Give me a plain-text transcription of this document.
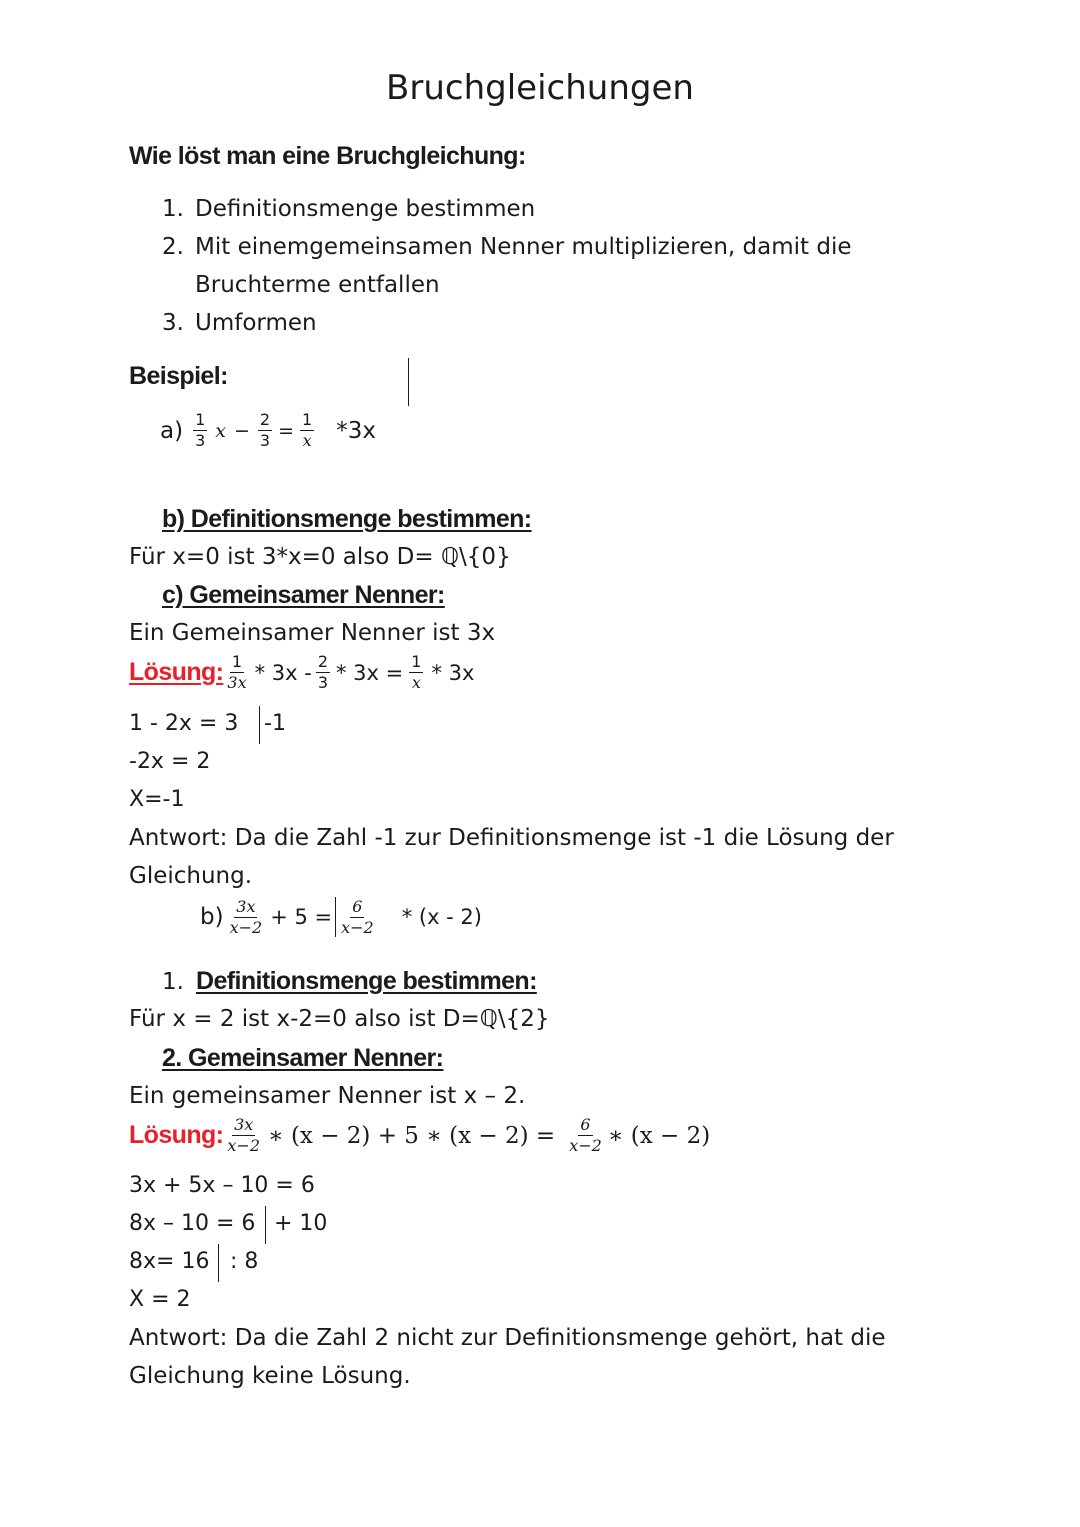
Bruchgleichungen
Wie löst man eine Bruchgleichung:
1. Definitionsmenge bestimmen
2. Mit einemgemeinsamen Nenner multiplizieren, damit die
Bruchterme entfallen
3. Umformen
Beispiel:
$a) \frac{1}{3}$ $x - \frac{2}{3} = \frac{1}{x} *3x$
b) Definitionsmenge bestimmen:
Für x=0 ist 3*x=0 also D= ℚ\{0}
c) Gemeinsamer Nenner:
Ein Gemeinsamer Nenner ist 3x
Lösung: $\frac{1}{3x} * 3x - \frac{2}{3} * 3x = \frac{1}{x} * 3x$
1 - 2x = 3 -1
-2x = 2
X=-1
Antwort: Da die Zahl -1 zur Definitionsmenge ist -1 die Lösung der
Gleichung.
$b) \frac{3x}{x-2} + 5 = \frac{6}{x-2} * (x - 2)$
1. Definitionsmenge bestimmen:
Für x = 2 ist x-2=0 also ist D=ℚ\{2}
2. Gemeinsamer Nenner:
Ein gemeinsamer Nenner ist x – 2.
Lösung: $\frac{3x}{x-2}$ ∗ (x − 2) + 5 ∗ $(x - 2) = \frac{6}{x-2}$ ∗ (x − 2)
3x + 5x – 10 = 6
8x – 10 = 6 + 10
8x= 16 : 8
X = 2
Antwort: Da die Zahl 2 nicht zur Definitionsmenge gehört, hat die
Gleichung keine Lösung.
